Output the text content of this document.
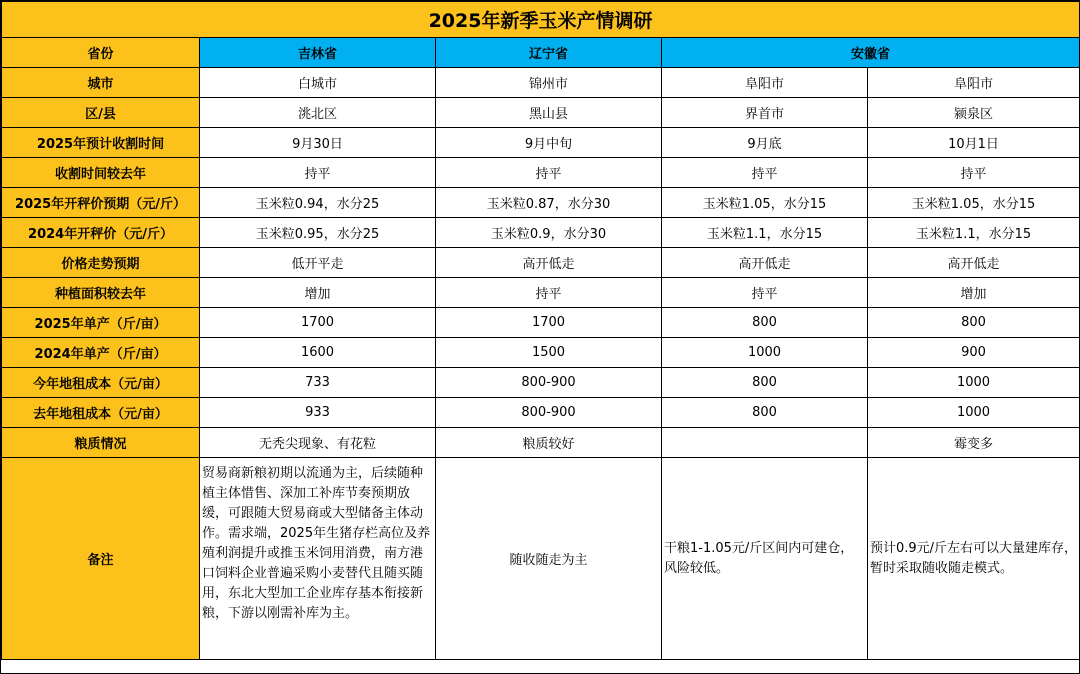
2025年新季玉米产情调研				
省份	吉林省	辽宁省	安徽省	
城市	白城市	锦州市	阜阳市	阜阳市
区/县	洮北区	黑山县	界首市	颍泉区
2025年预计收割时间	9月30日	9月中旬	9月底	10月1日
收割时间较去年	持平	持平	持平	持平
2025年开秤价预期（元/斤）	玉米粒0.94，水分25	玉米粒0.87，水分30	玉米粒1.05，水分15	玉米粒1.05，水分15
2024年开秤价（元/斤）	玉米粒0.95，水分25	玉米粒0.9，水分30	玉米粒1.1，水分15	玉米粒1.1，水分15
价格走势预期	低开平走	高开低走	高开低走	高开低走
种植面积较去年	增加	持平	持平	增加
2025年单产（斤/亩）	1700	1700	800	800
2024年单产（斤/亩）	1600	1500	1000	900
今年地租成本（元/亩）	733	800-900	800	1000
去年地租成本（元/亩）	933	800-900	800	1000
粮质情况	无秃尖现象、有花粒	粮质较好		霉变多
备注	贸易商新粮初期以流通为主，后续随种植主体惜售、深加工补库节奏预期放缓，可跟随大贸易商或大型储备主体动作。需求端，2025年生猪存栏高位及养殖利润提升或推玉米饲用消费，南方港口饲料企业普遍采购小麦替代且随买随用，东北大型加工企业库存基本衔接新粮，下游以刚需补库为主。	随收随走为主	干粮1-1.05元/斤区间内可建仓，风险较低。	预计0.9元/斤左右可以大量建库存，暂时采取随收随走模式。
